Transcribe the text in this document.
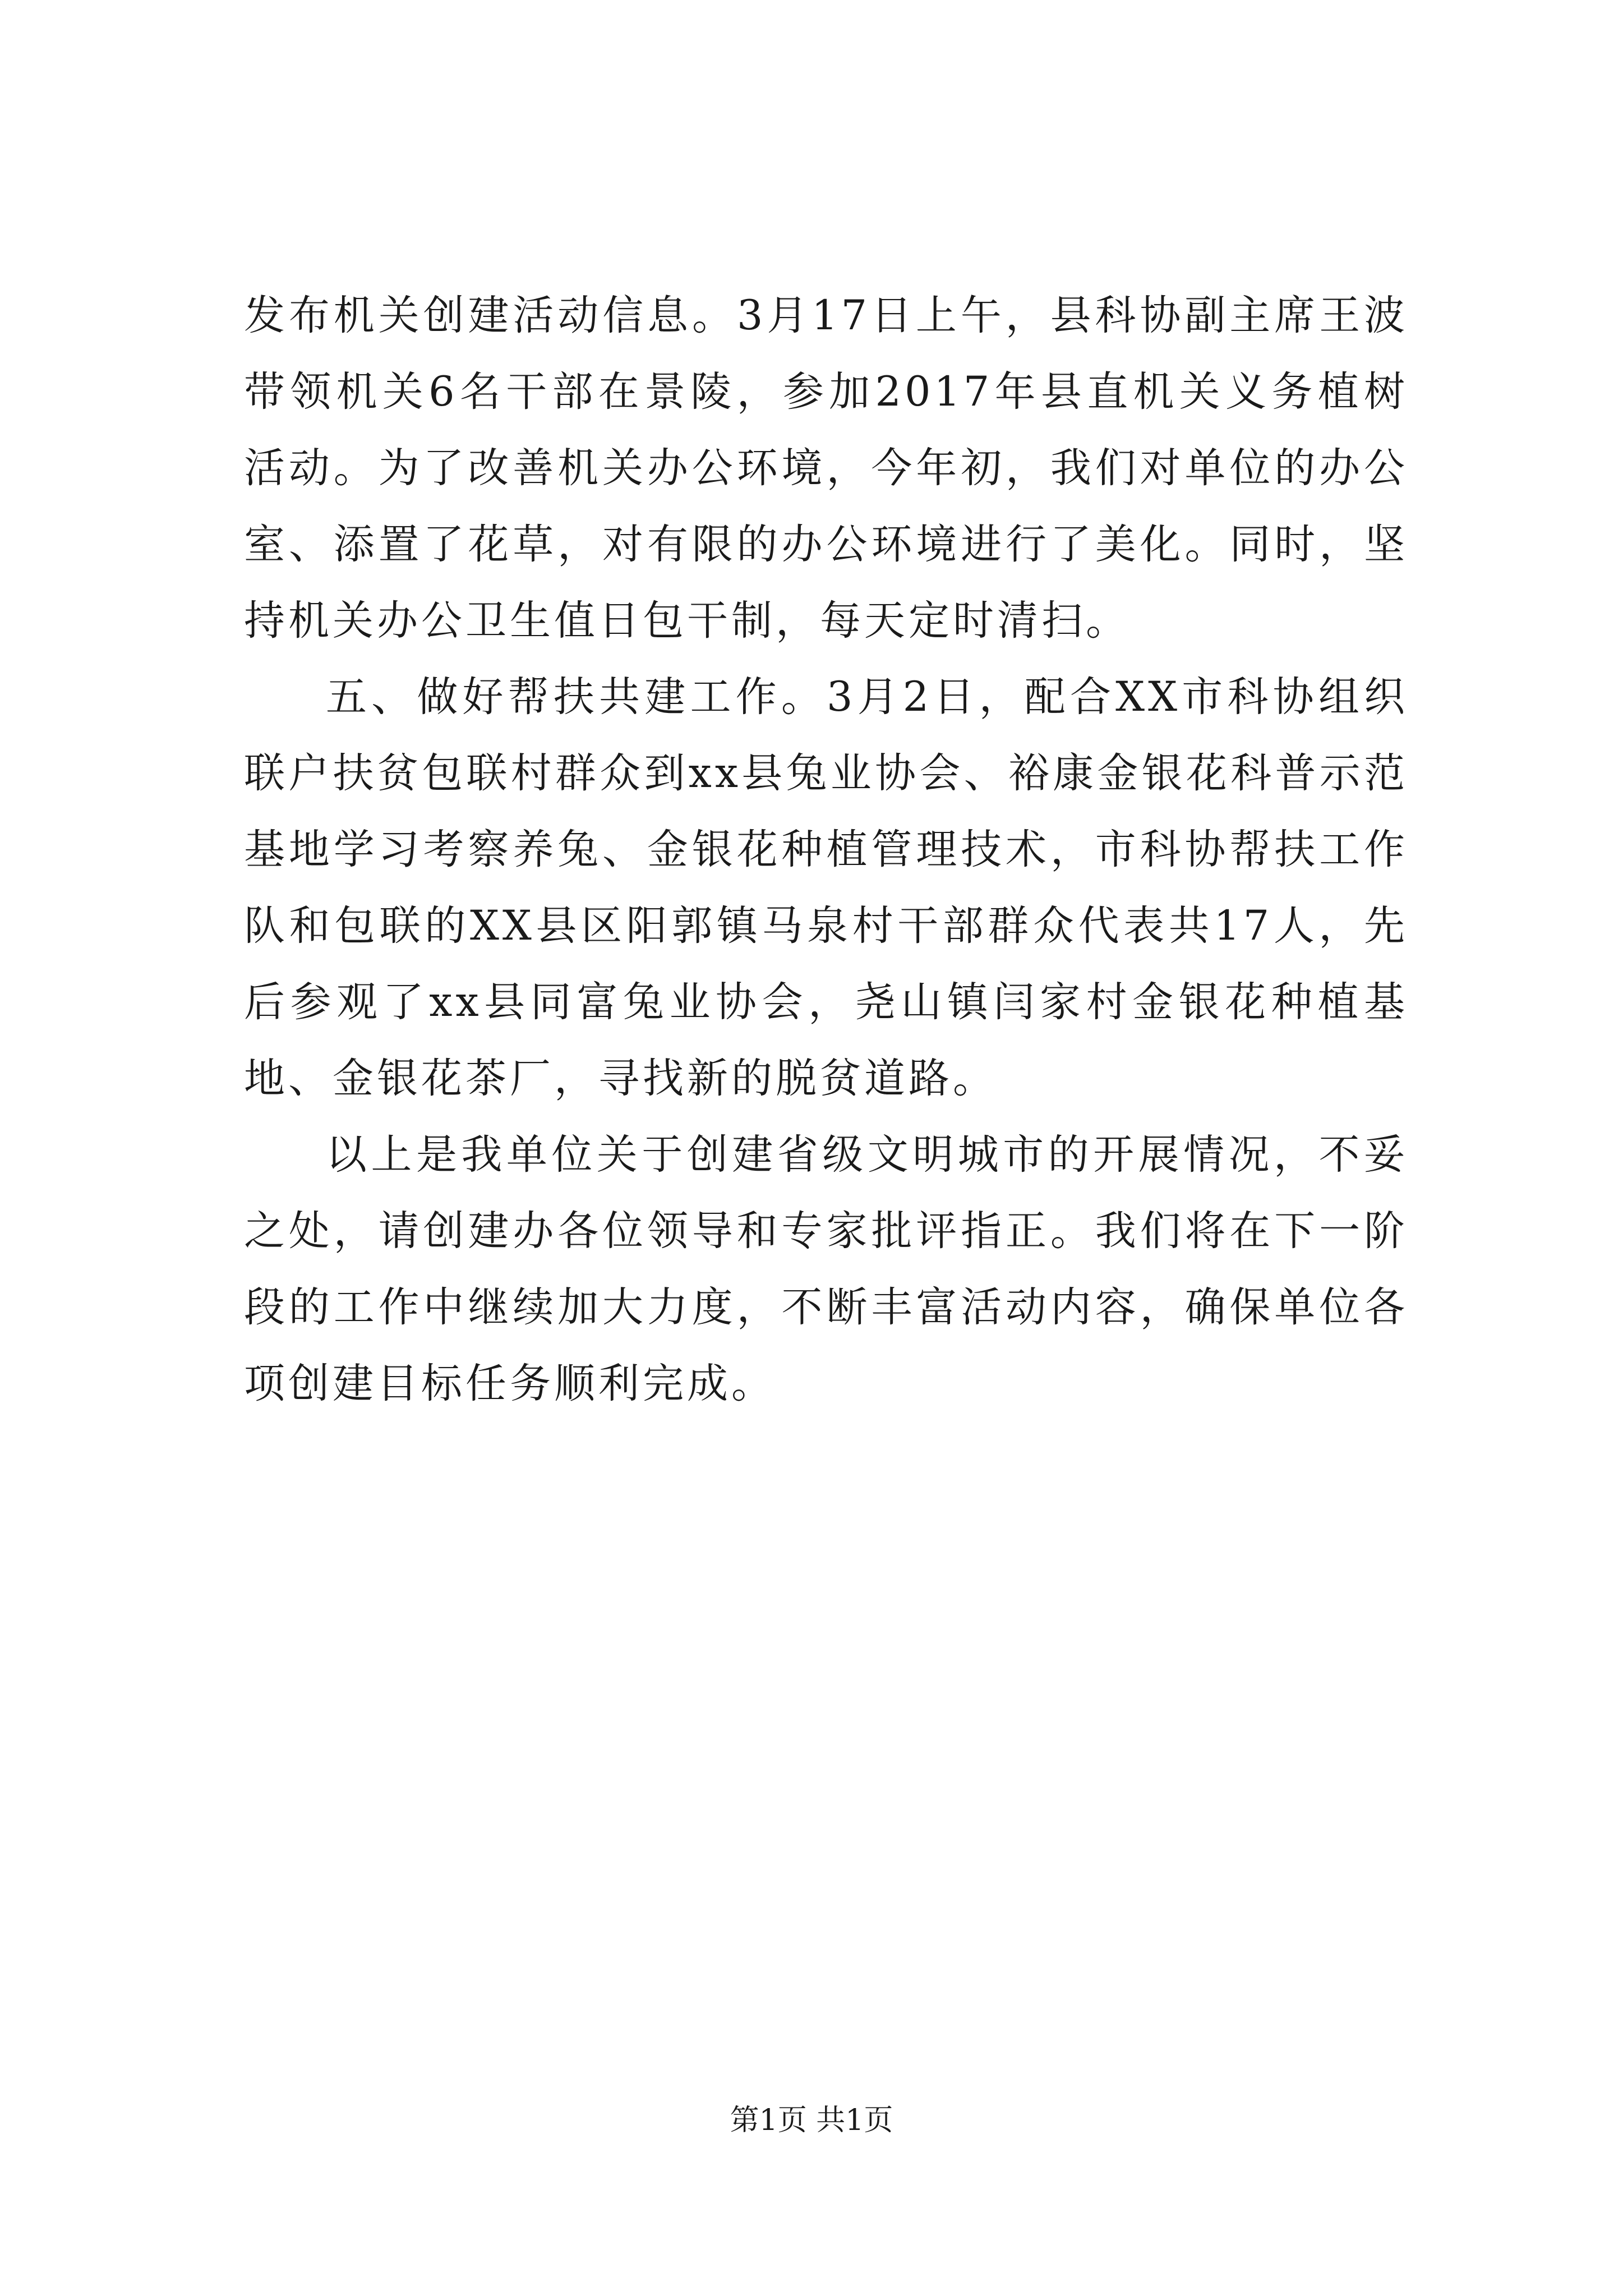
发布机关创建活动信息。3月17日上午，县科协副主席王波带领机关6名干部在景陵，参加2017年县直机关义务植树活动。为了改善机关办公环境，今年初，我们对单位的办公室、添置了花草，对有限的办公环境进行了美化。同时，坚持机关办公卫生值日包干制，每天定时清扫。

五、做好帮扶共建工作。3月2日，配合XX市科协组织联户扶贫包联村群众到xx县兔业协会、裕康金银花科普示范基地学习考察养兔、金银花种植管理技术，市科协帮扶工作队和包联的XX县区阳郭镇马泉村干部群众代表共17人，先后参观了xx县同富兔业协会，尧山镇闫家村金银花种植基地、金银花茶厂，寻找新的脱贫道路。

以上是我单位关于创建省级文明城市的开展情况，不妥之处，请创建办各位领导和专家批评指正。我们将在下一阶段的工作中继续加大力度，不断丰富活动内容，确保单位各项创建目标任务顺利完成。

第1页 共1页
